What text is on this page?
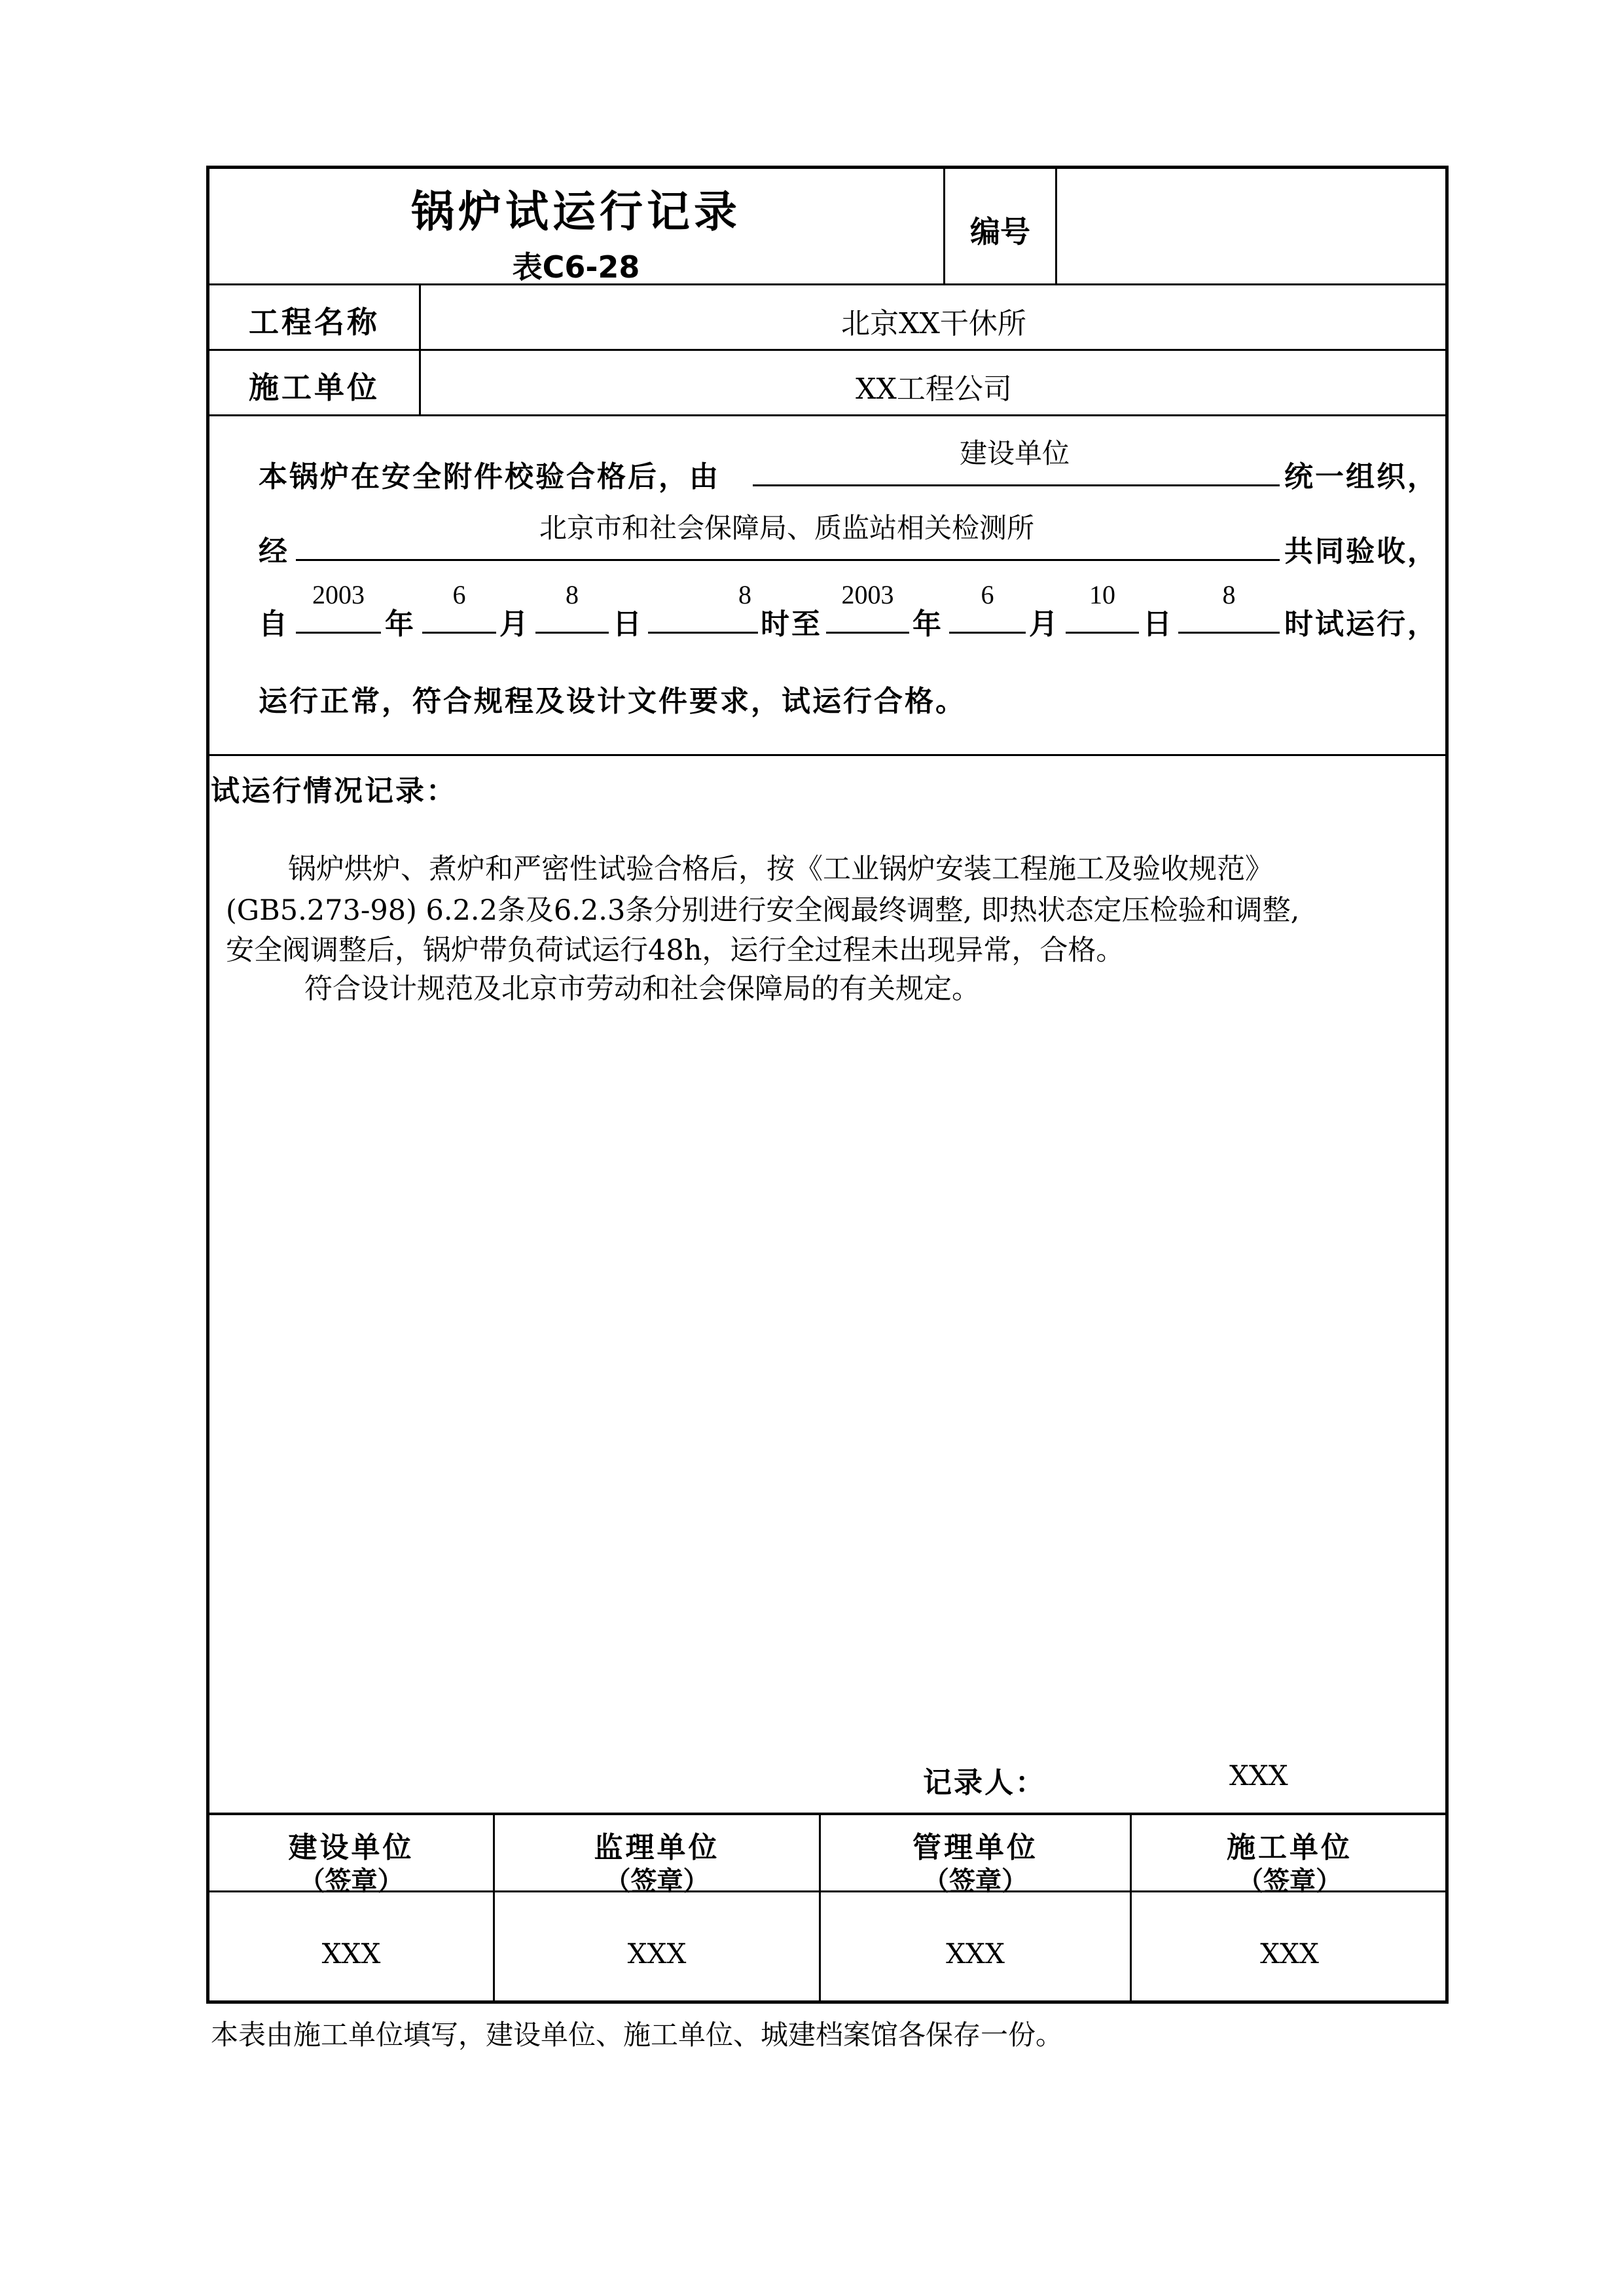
锅炉试运行记录
表C6-28
编号
工程名称	北京XX干休所
施工单位	XX工程公司
本锅炉在安全附件校验合格后，由
建设单位
统一组织，
经
北京市和社会保障局、质监站相关检测所
共同验收，
自
2003
年
6
月
8
日
8
时至
2003
年
6
月
10
日
8
时试运行，
运行正常，符合规程及设计文件要求，试运行合格。
试运行情况记录：
锅炉烘炉、煮炉和严密性试验合格后，按《工业锅炉安装工程施工及验收规范》
(GB5.273-98) 6.2.2条及6.2.3条分别进行安全阀最终调整, 即热状态定压检验和调整,
安全阀调整后，锅炉带负荷试运行48h，运行全过程未出现异常，合格。
符合设计规范及北京市劳动和社会保障局的有关规定。
记录人：	XXX
建设单位
（签章）
监理单位
（签章）
管理单位
（签章）
施工单位
（签章）
XXX	XXX	XXX	XXX
本表由施工单位填写，建设单位、施工单位、城建档案馆各保存一份。
